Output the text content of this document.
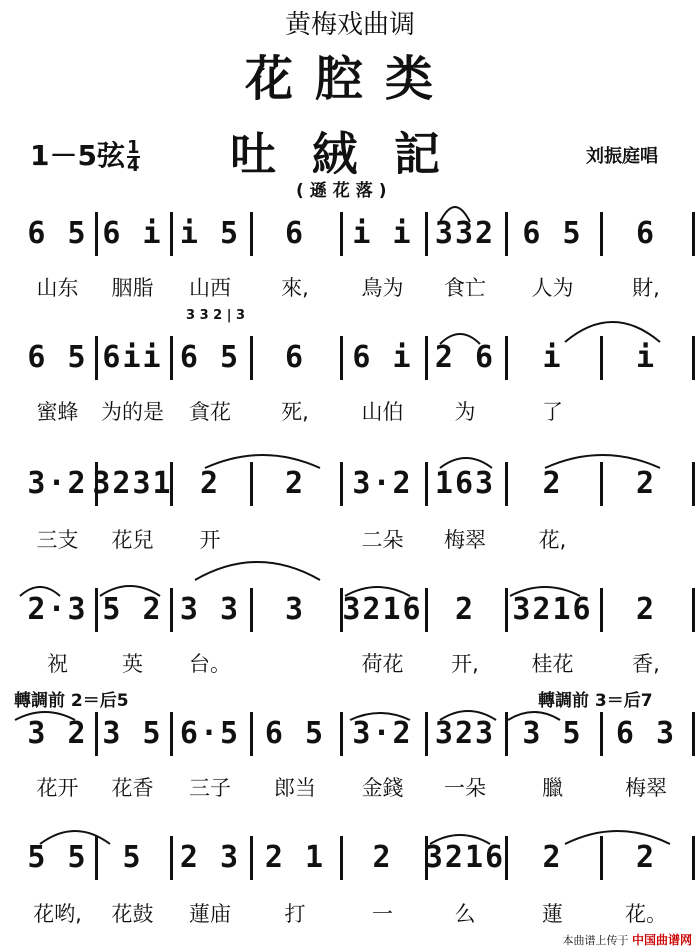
黄梅戏曲调
花腔类
1－5弦 $\frac{1}{4}$ 吐絨記	刘振庭唱
(遜花落)
6 5
山东
6 i
胭脂
i 5
山西
6
來,
i i
鳥为
332
食亡
6 5
人为
6
財,
3 3 2 | 3
6 5
蜜蜂
6ii
为的是
6 5
貪花
6
死,
6 i
山伯
2 6
为
i
了
i
3·2
三支
3231
花兒
2
开
2 3·2
二朵
163
梅翠
2
花,
2
2·3
祝
5 2
英
3 3
台。
3 3216
荷花
2
开,
3216
桂花
2
香,
轉調前 2＝后5	轉調前 3＝后7
3 2
花开
3 5
花香
6·5
三子
6 5
郎当
3·2
金錢
323
一朵
3 5
臘
6 3
梅翠
5 5
花哟,
5
花鼓
2 3
蓮庙
2 1
打
2
一
3216
么
2
蓮
2
花。
本曲谱上传于 中国曲谱网
